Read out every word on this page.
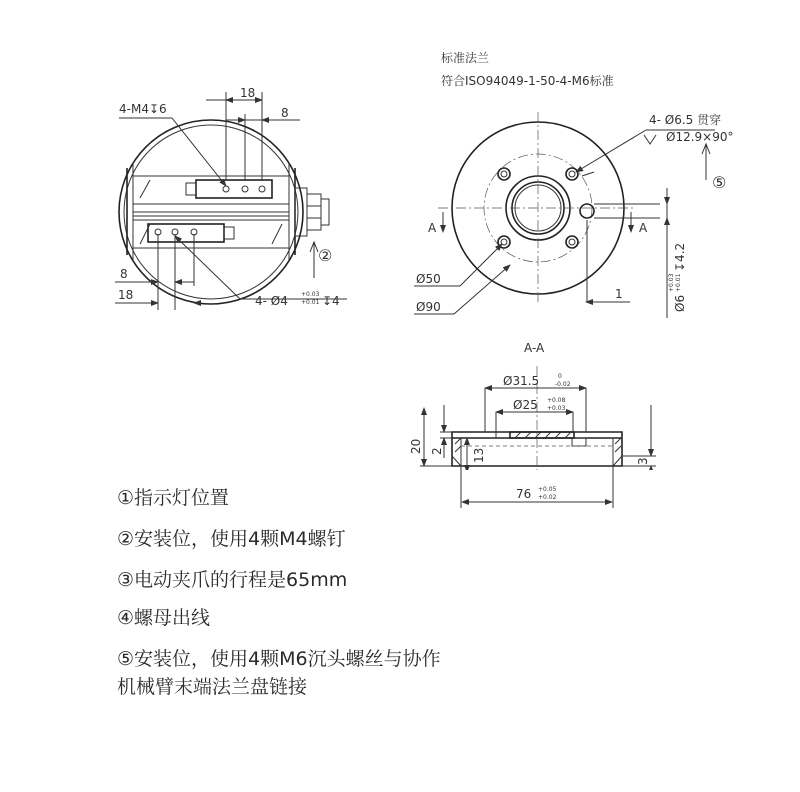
18
8
4-M4↧6
8
18	4- Ø4 +0.03
+0.01 ↧4
②
标准法兰
符合ISO94049-1-50-4-M6标准
1
A	A
4- Ø6.5 贯穿
Ø12.9×90°
⑤
Ø50
Ø90	Ø6
+0.03 +0.01
↧4.2
A-A
Ø31.5	0
-0.02
Ø25 +0.08
+0.03
20 2 13	3
76 +0.05
+0.02

①指示灯位置

②安装位，使用4颗M4螺钉

③电动夹爪的行程是65mm

④螺母出线

⑤安装位，使用4颗M6沉头螺丝与协作

机械臂末端法兰盘链接
